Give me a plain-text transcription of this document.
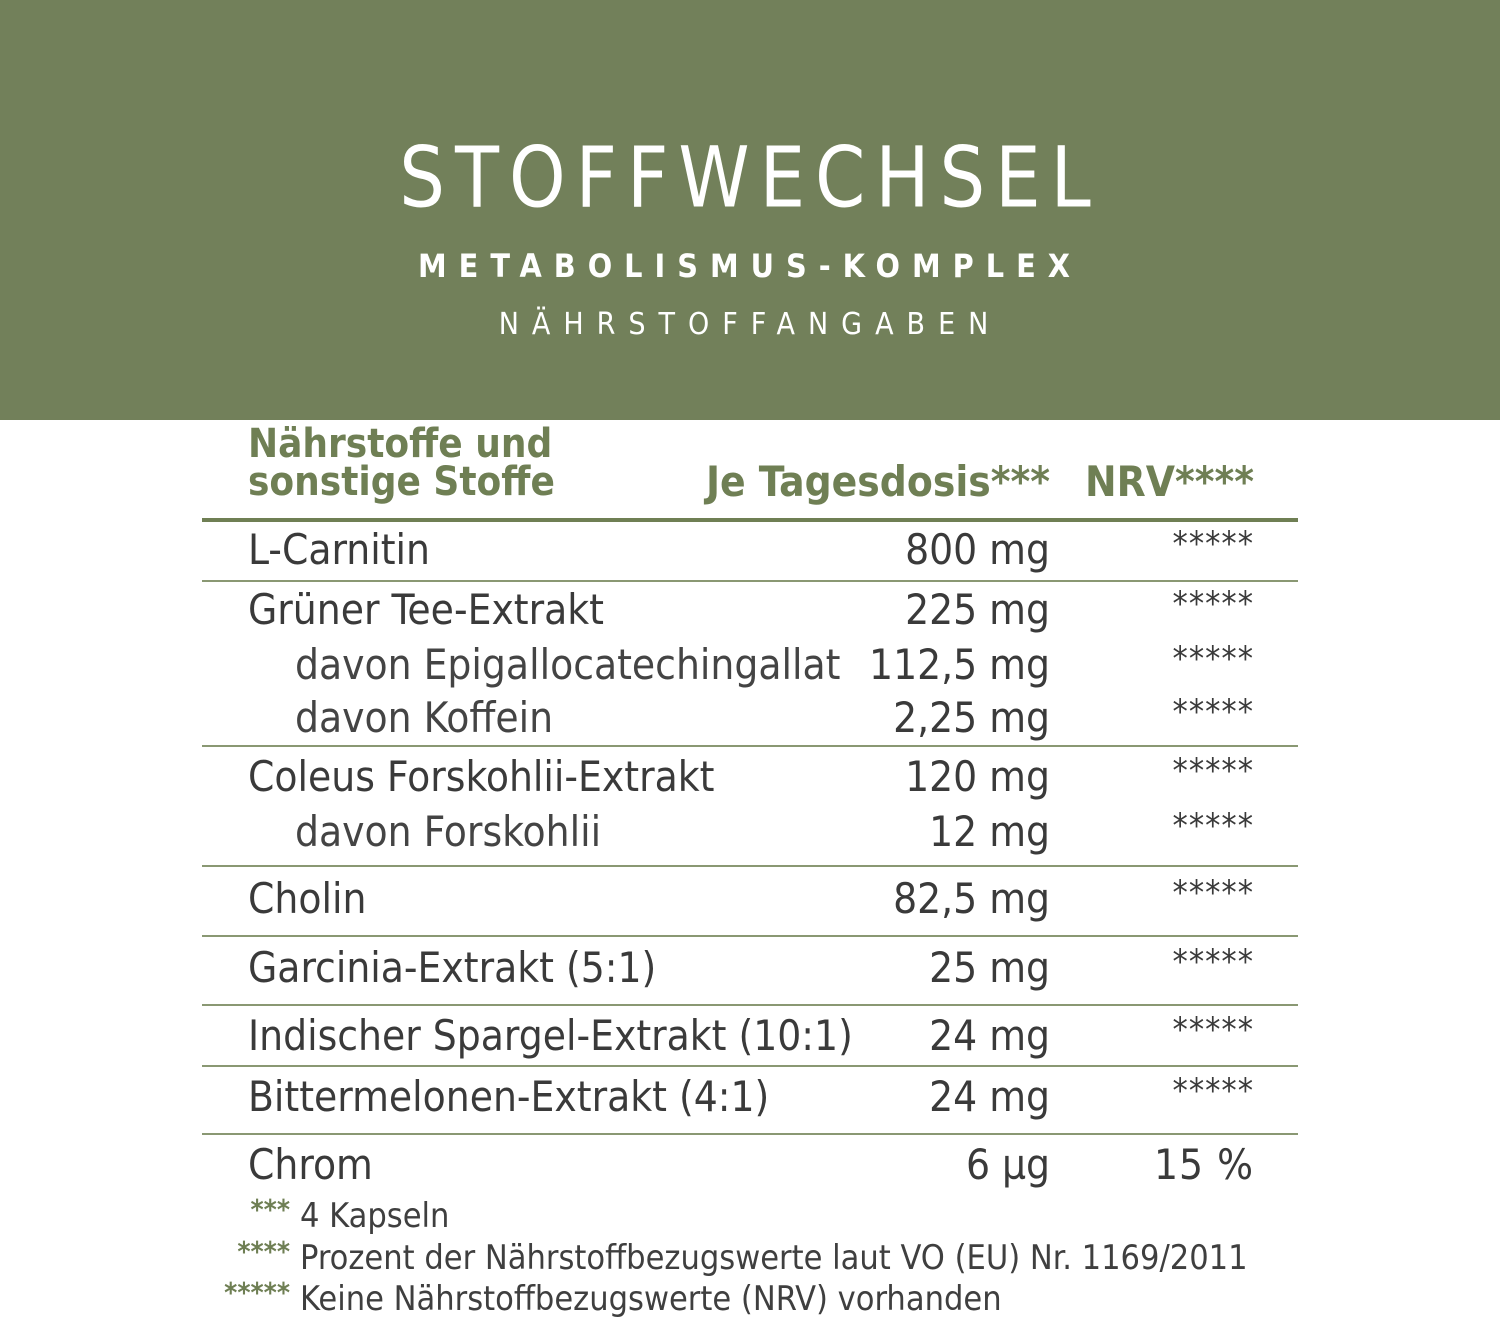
STOFFWECHSEL
METABOLISMUS-KOMPLEX
NÄHRSTOFFANGABEN
Nährstoffe und
sonstige Stoffe	Je Tagesdosis*** NRV****
L-Carnitin	800 mg	*****
Grüner Tee-Extrakt	225 mg	*****
davon Epigallocatechingallat 112,5 mg	*****
davon Koffein	2,25 mg	*****
Coleus Forskohlii-Extrakt	120 mg	*****
davon Forskohlii	12 mg	*****
Cholin	82,5 mg	*****
Garcinia-Extrakt (5:1)	25 mg	*****
Indischer Spargel-Extrakt (10:1) 24 mg	*****
Bittermelonen-Extrakt (4:1)	24 mg	*****
Chrom	6 µg 15 %
*** 4 Kapseln
**** Prozent der Nährstoffbezugswerte laut VO (EU) Nr. 1169/2011
***** Keine Nährstoffbezugswerte (NRV) vorhanden
